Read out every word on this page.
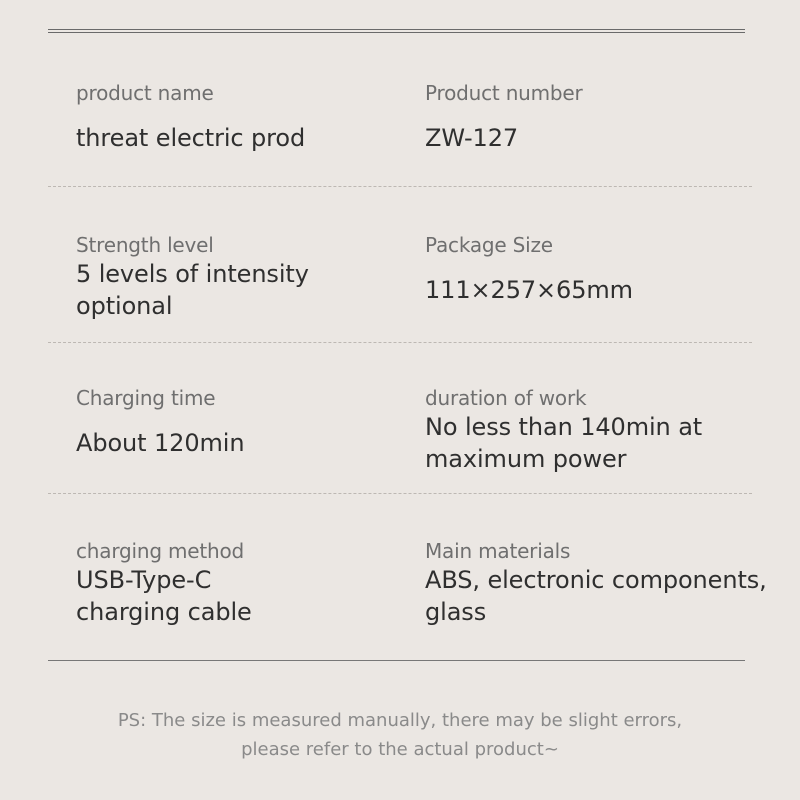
product name
threat electric prod
Product number
ZW-127
Strength level
5 levels of intensity optional
Package Size
111×257×65mm
Charging time
About 120min
duration of work
No less than 140min at maximum power
charging method
USB-Type-C charging cable
Main materials
ABS, electronic components, glass
PS: The size is measured manually, there may be slight errors,
please refer to the actual product~
